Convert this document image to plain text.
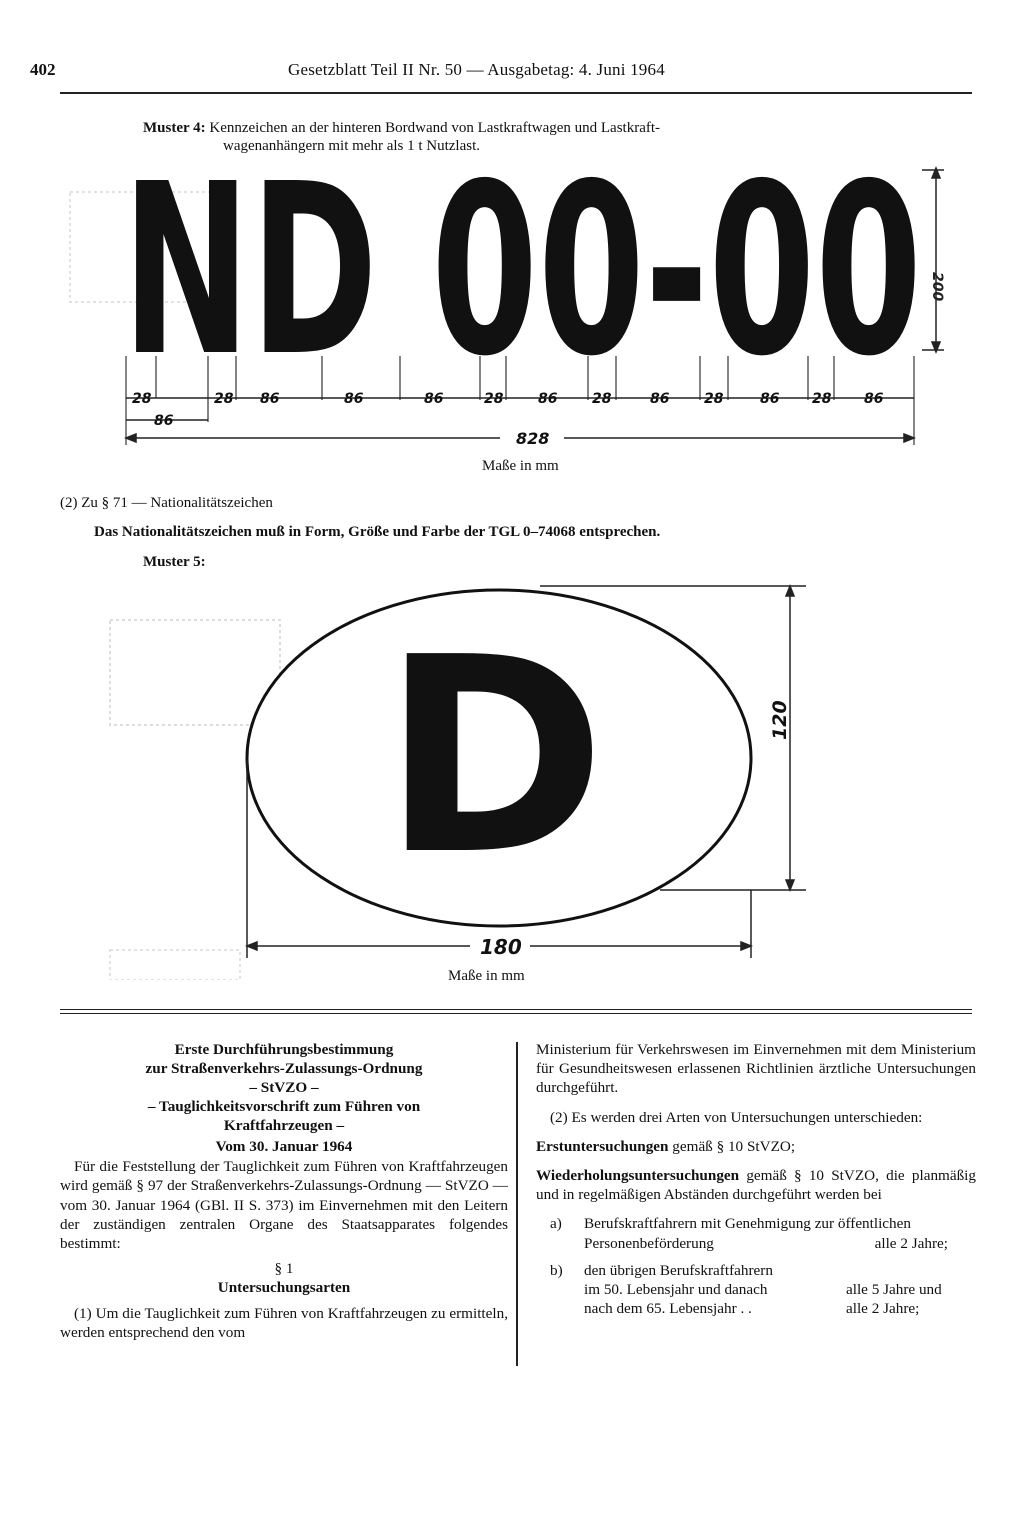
402	Gesetzblatt Teil II Nr. 50 — Ausgabetag: 4. Juni 1964
Muster 4: Kennzeichen an der hinteren Bordwand von Lastkraftwagen und Lastkraft-
wagenanhängern mit mehr als 1 t Nutzlast.
ND 00-00 200
28	28 86	86	86	28 86 28	86 28	86 28 86
86
828
Maße in mm
(2) Zu § 71 — Nationalitätszeichen
Das Nationalitätszeichen muß in Form, Größe und Farbe der TGL 0–74068 entsprechen.
Muster 5:
D	120
180
Maße in mm
Erste Durchführungsbestimmung
zur Straßenverkehrs-Zulassungs-Ordnung
– StVZO –
– Tauglichkeitsvorschrift zum Führen von
Kraftfahrzeugen –
Vom 30. Januar 1964

Für die Feststellung der Tauglichkeit zum Führen von Kraftfahrzeugen wird gemäß § 97 der Straßenverkehrs-Zulassungs-Ordnung — StVZO — vom 30. Januar 1964 (GBl. II S. 373) im Einvernehmen mit den Leitern der zuständigen zentralen Organe des Staatsapparates folgendes bestimmt:

§ 1
Untersuchungsarten

(1) Um die Tauglichkeit zum Führen von Kraftfahrzeugen zu ermitteln, werden entsprechend den vom

Ministerium für Verkehrswesen im Einvernehmen mit dem Ministerium für Gesundheitswesen erlassenen Richtlinien ärztliche Untersuchungen durchgeführt.

(2) Es werden drei Arten von Untersuchungen unterschieden:

Erstuntersuchungen gemäß § 10 StVZO;

Wiederholungsuntersuchungen gemäß § 10 StVZO, die planmäßig und in regelmäßigen Abständen durchgeführt werden bei

a)	Berufskraftfahrern mit Genehmigung zur öffentlichen Personenbeförderung	alle 2 Jahre;
b)	den übrigen Berufskraftfahrern
im 50. Lebensjahr und danach	alle 5 Jahre und
nach dem 65. Lebensjahr . .	alle 2 Jahre;
